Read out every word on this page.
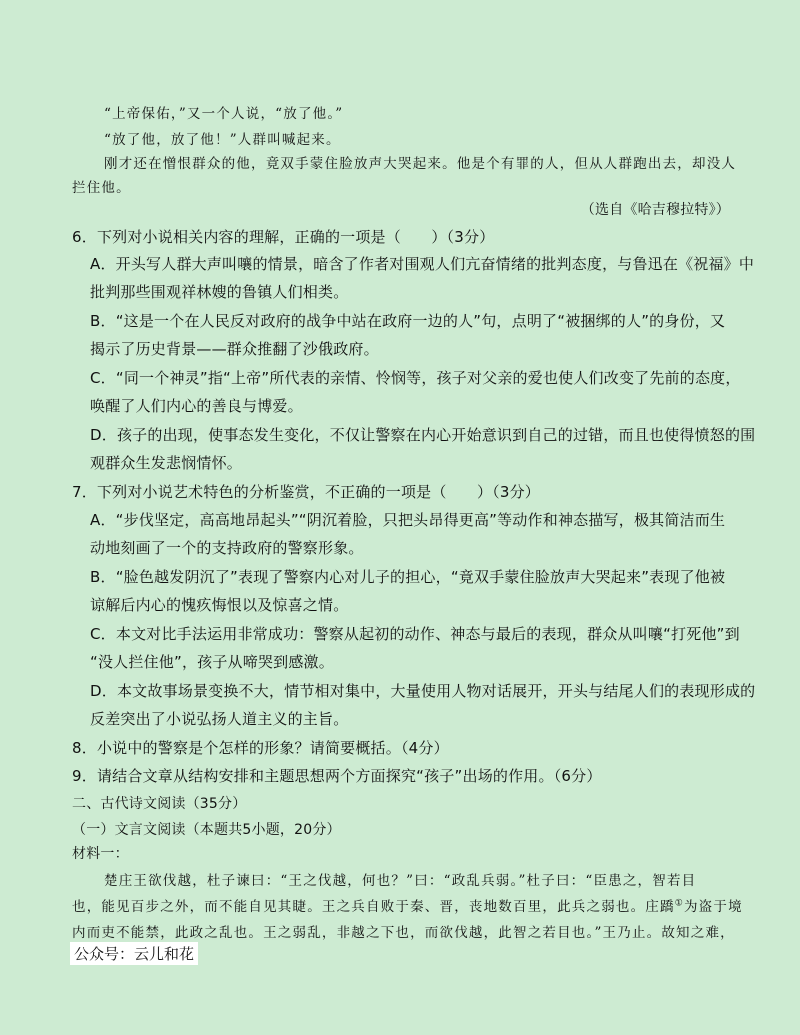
“上帝保佑，”又一个人说，“放了他。”
“放了他，放了他！”人群叫喊起来。
刚才还在憎恨群众的他，竟双手蒙住脸放声大哭起来。他是个有罪的人，但从人群跑出去，却没人
拦住他。
（选自《哈吉穆拉特》）
6．下列对小说相关内容的理解，正确的一项是（　　）（3分）
A．开头写人群大声叫嚷的情景，暗含了作者对围观人们亢奋情绪的批判态度，与鲁迅在《祝福》中
批判那些围观祥林嫂的鲁镇人们相类。
B．“这是一个在人民反对政府的战争中站在政府一边的人”句，点明了“被捆绑的人”的身份，又
揭示了历史背景——群众推翻了沙俄政府。
C．“同一个神灵”指“上帝”所代表的亲情、怜悯等，孩子对父亲的爱也使人们改变了先前的态度，
唤醒了人们内心的善良与博爱。
D．孩子的出现，使事态发生变化，不仅让警察在内心开始意识到自己的过错，而且也使得愤怒的围
观群众生发悲悯情怀。
7．下列对小说艺术特色的分析鉴赏，不正确的一项是（　　）（3分）
A．“步伐坚定，高高地昂起头”“阴沉着脸，只把头昂得更高”等动作和神态描写，极其简洁而生
动地刻画了一个的支持政府的警察形象。
B．“脸色越发阴沉了”表现了警察内心对儿子的担心，“竟双手蒙住脸放声大哭起来”表现了他被
谅解后内心的愧疚悔恨以及惊喜之情。
C．本文对比手法运用非常成功：警察从起初的动作、神态与最后的表现，群众从叫嚷“打死他”到
“没人拦住他”，孩子从啼哭到感激。
D．本文故事场景变换不大，情节相对集中，大量使用人物对话展开，开头与结尾人们的表现形成的
反差突出了小说弘扬人道主义的主旨。
8．小说中的警察是个怎样的形象？请简要概括。（4分）
9．请结合文章从结构安排和主题思想两个方面探究“孩子”出场的作用。（6分）
二、古代诗文阅读（35分）
（一）文言文阅读（本题共5小题，20分）
材料一：
楚庄王欲伐越，杜子谏曰：“王之伐越，何也？”曰：“政乱兵弱。”杜子曰：“臣患之，智若目
也，能见百步之外，而不能自见其睫。王之兵自败于秦、晋，丧地数百里，此兵之弱也。庄蹻①为盗于境
内而吏不能禁，此政之乱也。王之弱乱，非越之下也，而欲伐越，此智之若目也。”王乃止。故知之难，
公众号：云儿和花
